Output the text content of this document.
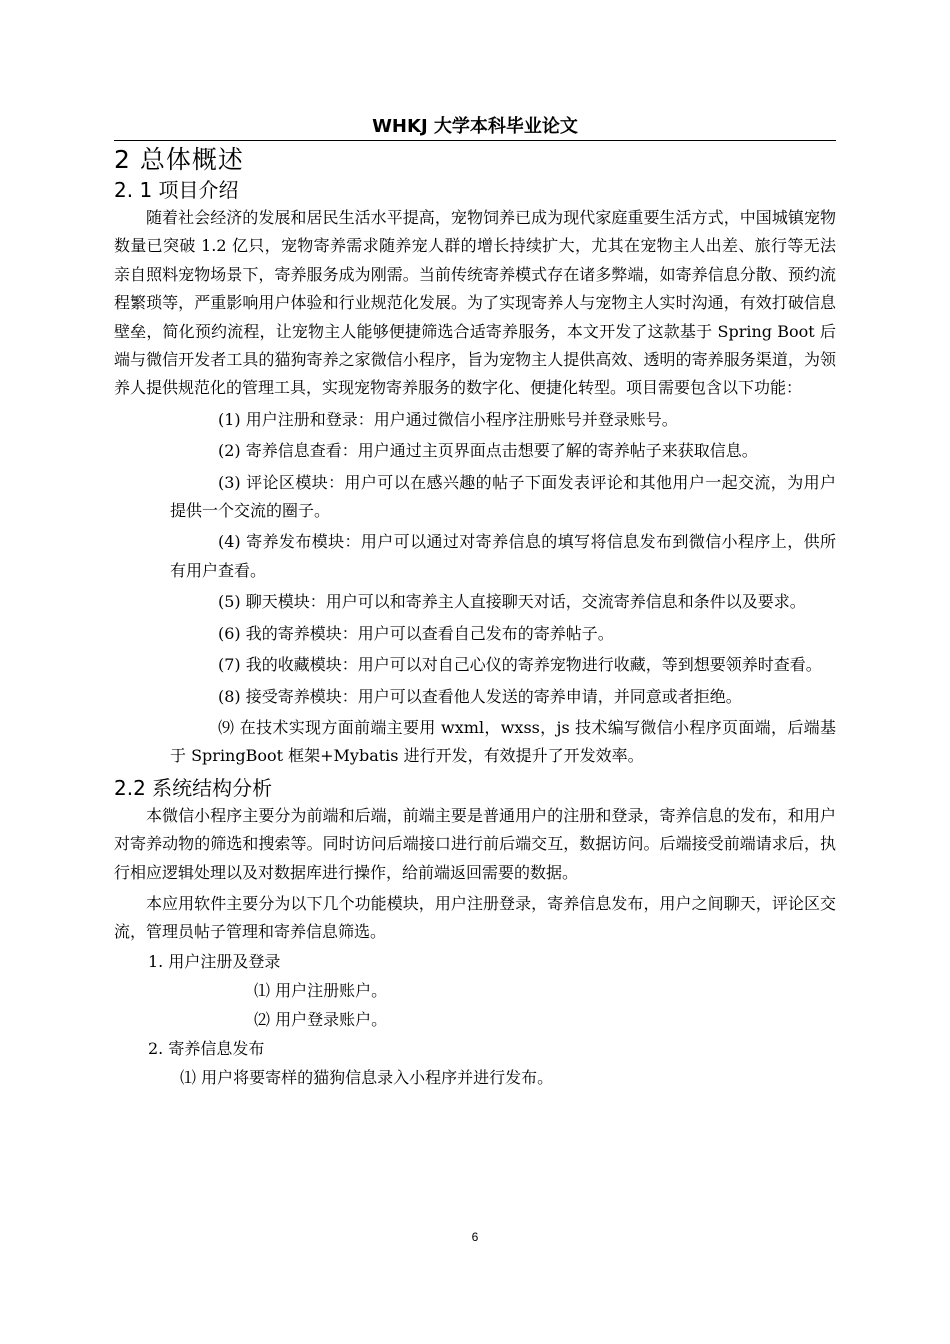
WHKJ 大学本科毕业论文
2 总体概述
2. 1 项目介绍

随着社会经济的发展和居民生活水平提高，宠物饲养已成为现代家庭重要生活方式，中国城镇宠物数量已突破 1.2 亿只，宠物寄养需求随养宠人群的增长持续扩大，尤其在宠物主人出差、旅行等无法亲自照料宠物场景下，寄养服务成为刚需。当前传统寄养模式存在诸多弊端，如寄养信息分散、预约流程繁琐等，严重影响用户体验和行业规范化发展。为了实现寄养人与宠物主人实时沟通，有效打破信息壁垒，简化预约流程，让宠物主人能够便捷筛选合适寄养服务，本文开发了这款基于 Spring Boot 后端与微信开发者工具的猫狗寄养之家微信小程序，旨为宠物主人提供高效、透明的寄养服务渠道，为领养人提供规范化的管理工具，实现宠物寄养服务的数字化、便捷化转型。项目需要包含以下功能：

(1) 用户注册和登录：用户通过微信小程序注册账号并登录账号。
(2) 寄养信息查看：用户通过主页界面点击想要了解的寄养帖子来获取信息。
(3) 评论区模块：用户可以在感兴趣的帖子下面发表评论和其他用户一起交流，为用户提供一个交流的圈子。
(4) 寄养发布模块：用户可以通过对寄养信息的填写将信息发布到微信小程序上，供所有用户查看。
(5) 聊天模块：用户可以和寄养主人直接聊天对话，交流寄养信息和条件以及要求。
(6) 我的寄养模块：用户可以查看自己发布的寄养帖子。
(7) 我的收藏模块：用户可以对自己心仪的寄养宠物进行收藏，等到想要领养时查看。
(8) 接受寄养模块：用户可以查看他人发送的寄养申请，并同意或者拒绝。
⑼ 在技术实现方面前端主要用 wxml，wxss，js 技术编写微信小程序页面端，后端基于 SpringBoot 框架+Mybatis 进行开发，有效提升了开发效率。
2.2 系统结构分析

本微信小程序主要分为前端和后端，前端主要是普通用户的注册和登录，寄养信息的发布，和用户对寄养动物的筛选和搜索等。同时访问后端接口进行前后端交互，数据访问。后端接受前端请求后，执行相应逻辑处理以及对数据库进行操作，给前端返回需要的数据。

本应用软件主要分为以下几个功能模块，用户注册登录，寄养信息发布，用户之间聊天，评论区交流，管理员帖子管理和寄养信息筛选。

1. 用户注册及登录
⑴ 用户注册账户。
⑵ 用户登录账户。
2. 寄养信息发布
⑴ 用户将要寄样的猫狗信息录入小程序并进行发布。
6
